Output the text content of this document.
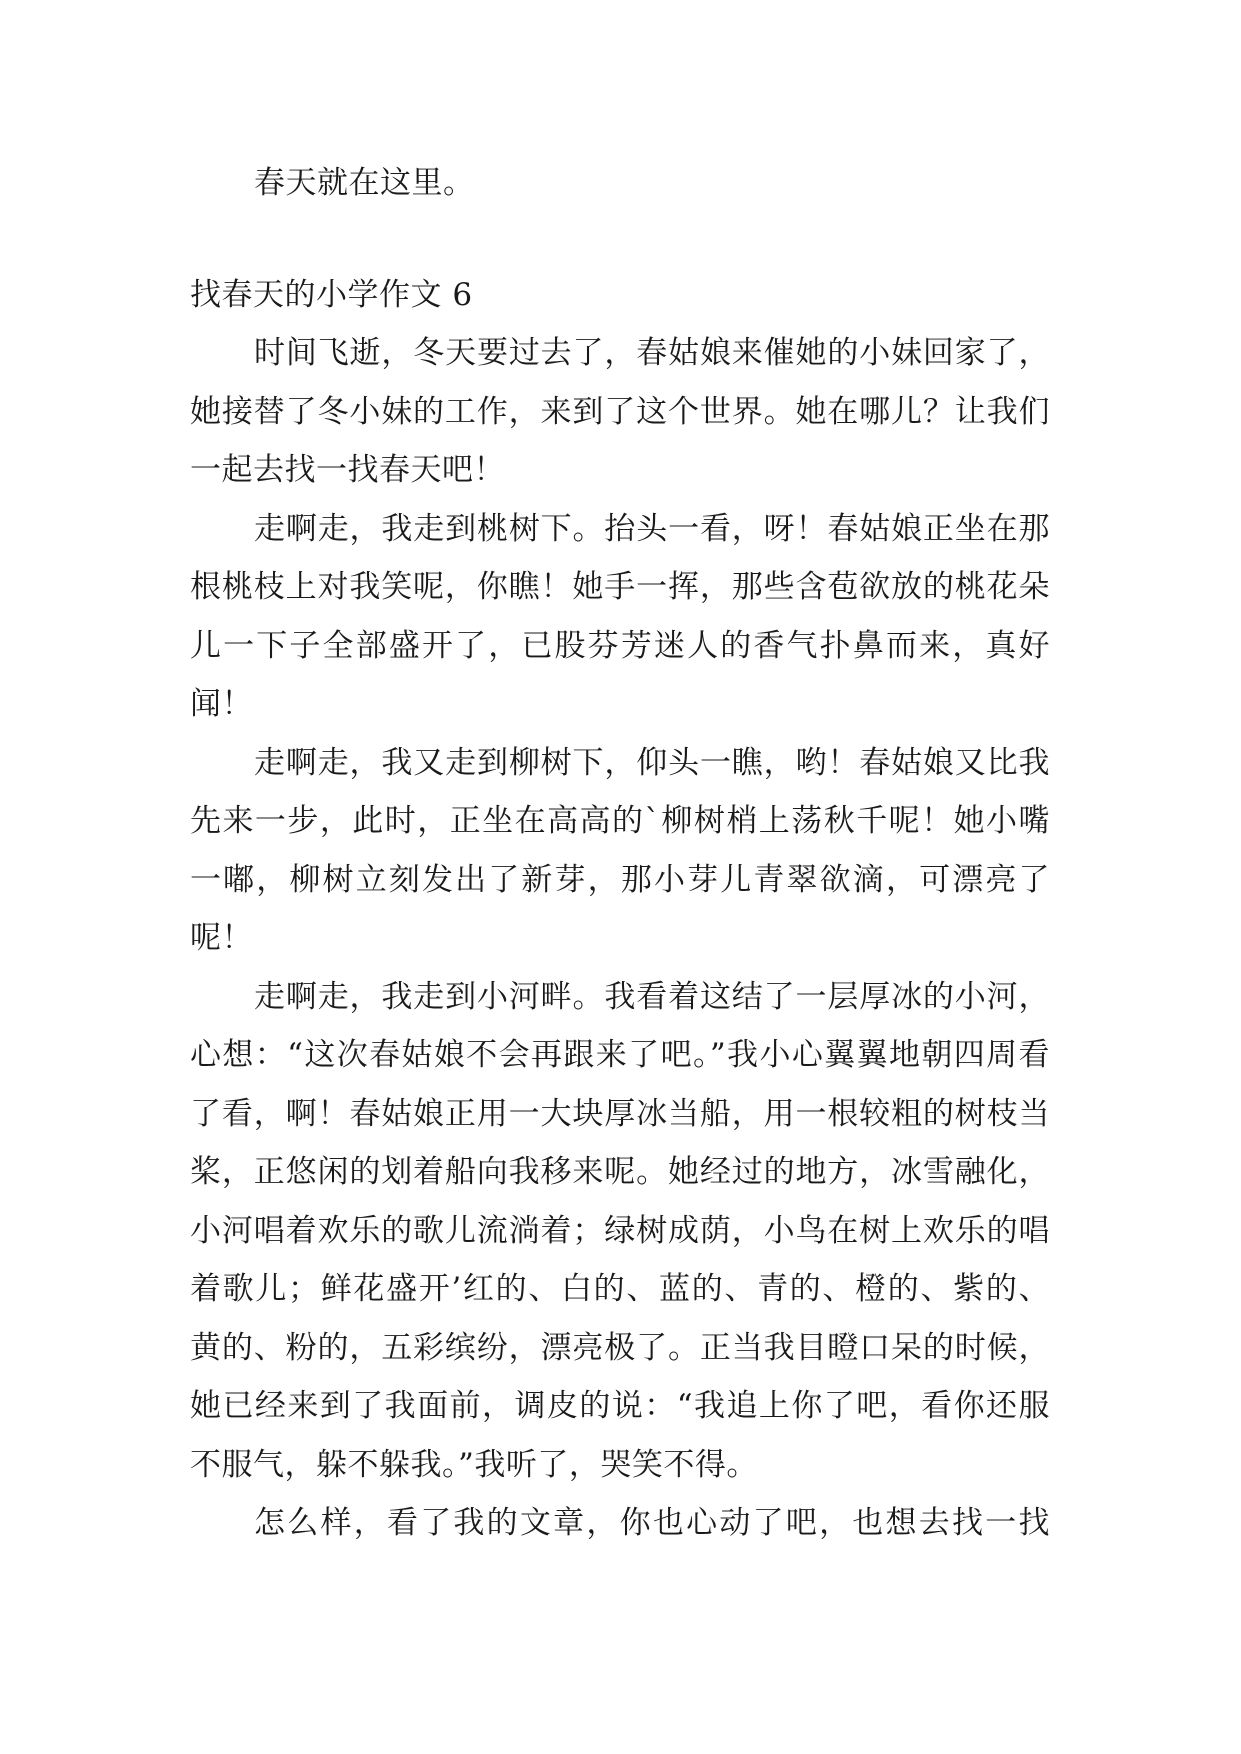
春天就在这里。

找春天的小学作文 6

时间飞逝，冬天要过去了，春姑娘来催她的小妹回家了，她接替了冬小妹的工作，来到了这个世界。她在哪儿？让我们一起去找一找春天吧！

走啊走，我走到桃树下。抬头一看，呀！春姑娘正坐在那根桃枝上对我笑呢，你瞧！她手一挥，那些含苞欲放的桃花朵儿一下子全部盛开了，已股芬芳迷人的香气扑鼻而来，真好闻！

走啊走，我又走到柳树下，仰头一瞧，哟！春姑娘又比我先来一步，此时，正坐在高高的`柳树梢上荡秋千呢！她小嘴一嘟，柳树立刻发出了新芽，那小芽儿青翠欲滴，可漂亮了呢！

走啊走，我走到小河畔。我看着这结了一层厚冰的小河，心想：“这次春姑娘不会再跟来了吧。”我小心翼翼地朝四周看了看，啊！春姑娘正用一大块厚冰当船，用一根较粗的树枝当桨，正悠闲的划着船向我移来呢。她经过的地方，冰雪融化，小河唱着欢乐的歌儿流淌着；绿树成荫，小鸟在树上欢乐的唱着歌儿；鲜花盛开’红的、白的、蓝的、青的、橙的、紫的、黄的、粉的，五彩缤纷，漂亮极了。正当我目瞪口呆的时候，她已经来到了我面前，调皮的说：“我追上你了吧，看你还服不服气，躲不躲我。”我听了，哭笑不得。

怎么样，看了我的文章，你也心动了吧，也想去找一找
